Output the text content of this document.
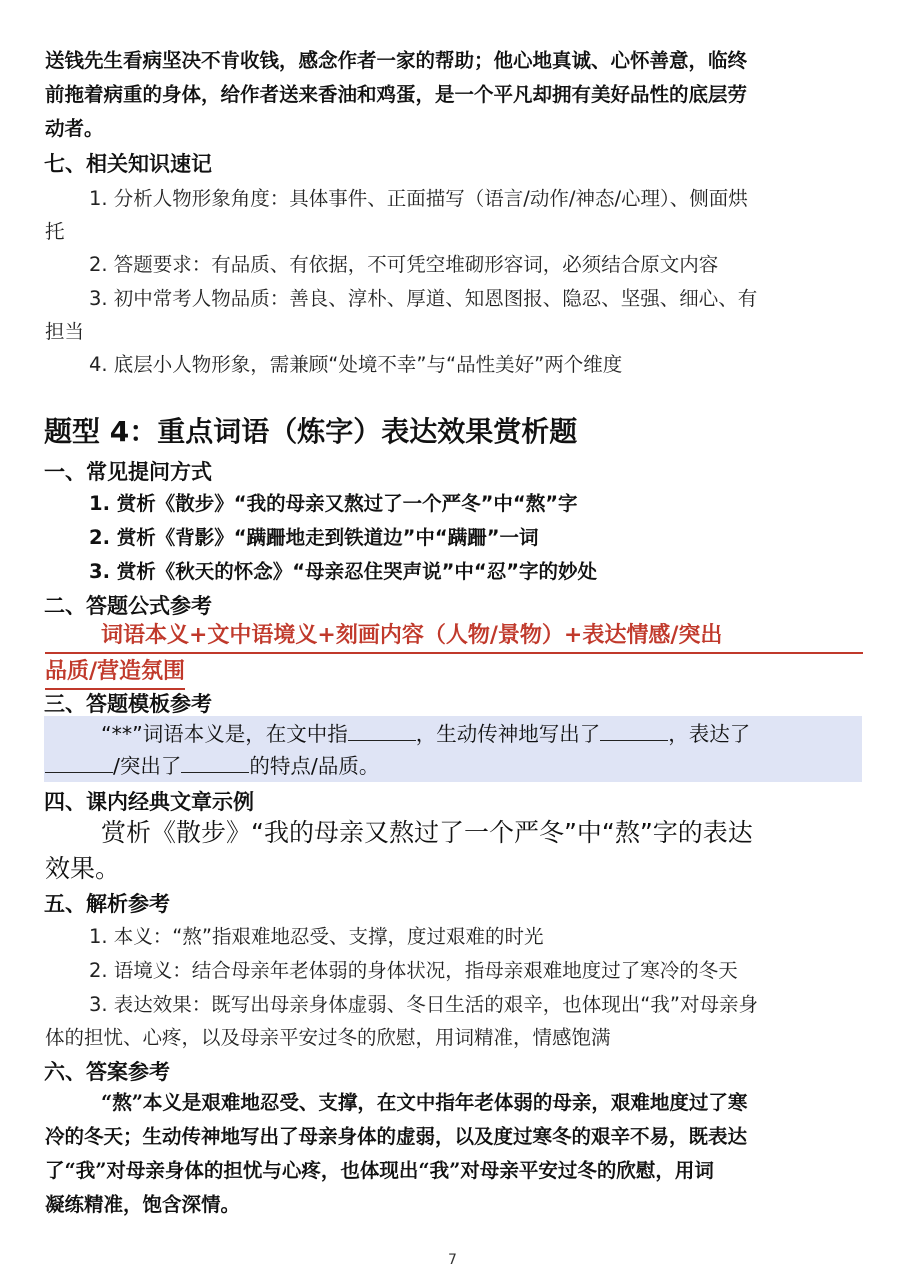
送钱先生看病坚决不肯收钱，感念作者一家的帮助；他心地真诚、心怀善意，临终
前拖着病重的身体，给作者送来香油和鸡蛋，是一个平凡却拥有美好品性的底层劳
动者。
七、相关知识速记
1. 分析人物形象角度：具体事件、正面描写（语言/动作/神态/心理）、侧面烘
托
2. 答题要求：有品质、有依据，不可凭空堆砌形容词，必须结合原文内容
3. 初中常考人物品质：善良、淳朴、厚道、知恩图报、隐忍、坚强、细心、有
担当
4. 底层小人物形象，需兼顾“处境不幸”与“品性美好”两个维度
题型 4：重点词语（炼字）表达效果赏析题
一、常见提问方式
1. 赏析《散步》“我的母亲又熬过了一个严冬”中“熬”字
2. 赏析《背影》“蹒跚地走到铁道边”中“蹒跚”一词
3. 赏析《秋天的怀念》“母亲忍住哭声说”中“忍”字的妙处
二、答题公式参考
词语本义+文中语境义+刻画内容（人物/景物）+表达情感/突出
品质/营造氛围
三、答题模板参考
“**”词语本义是，在文中指	，生动传神地写出了	，表达了
/突出了	的特点/品质。
四、课内经典文章示例
赏析《散步》“我的母亲又熬过了一个严冬”中“熬”字的表达
效果。
五、解析参考
1. 本义：“熬”指艰难地忍受、支撑，度过艰难的时光
2. 语境义：结合母亲年老体弱的身体状况，指母亲艰难地度过了寒冷的冬天
3. 表达效果：既写出母亲身体虚弱、冬日生活的艰辛，也体现出“我”对母亲身
体的担忧、心疼，以及母亲平安过冬的欣慰，用词精准，情感饱满
六、答案参考
“熬”本义是艰难地忍受、支撑，在文中指年老体弱的母亲，艰难地度过了寒
冷的冬天；生动传神地写出了母亲身体的虚弱，以及度过寒冬的艰辛不易，既表达
了“我”对母亲身体的担忧与心疼，也体现出“我”对母亲平安过冬的欣慰，用词
凝练精准，饱含深情。
7
